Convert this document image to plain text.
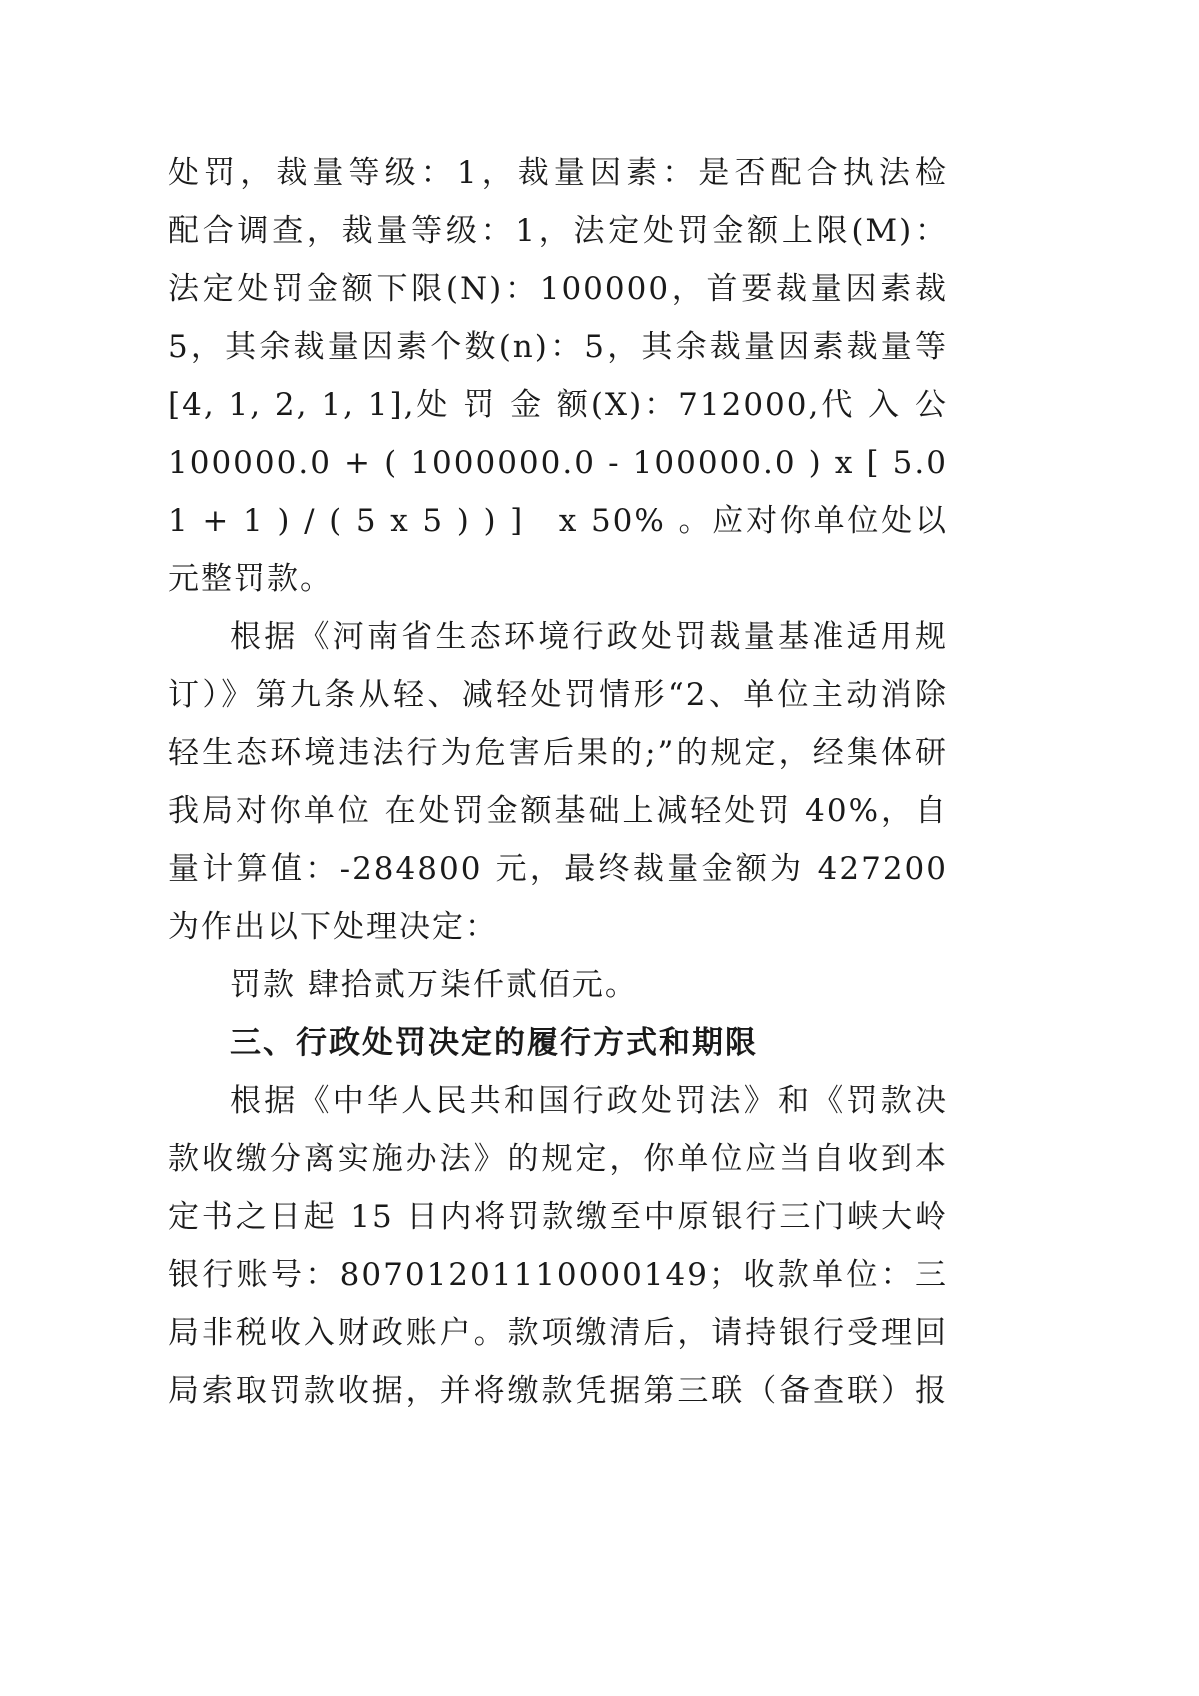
处罚，裁量等级：1，裁量因素：是否配合执法检
配合调查，裁量等级：1，法定处罚金额上限(M)：
法定处罚金额下限(N)：100000，首要裁量因素裁
5，其余裁量因素个数(n)：5，其余裁量因素裁量等
[4, 1, 2, 1, 1],处 罚 金 额(X)：712000,代 入 公
100000.0 + ( 1000000.0 - 100000.0 ) x [ 5.0
1 + 1 ) / ( 5 x 5 ) ) ]　x 50% 。应对你单位处以
元整罚款。
根据《河南省生态环境行政处罚裁量基准适用规
订）》第九条从轻、减轻处罚情形“2、单位主动消除
轻生态环境违法行为危害后果的;”的规定，经集体研
我局对你单位 在处罚金额基础上减轻处罚 40%，自
量计算值：-284800 元，最终裁量金额为 427200
为作出以下处理决定：
罚款 肆拾贰万柒仟贰佰元。
三、行政处罚决定的履行方式和期限
根据《中华人民共和国行政处罚法》和《罚款决
款收缴分离实施办法》的规定，你单位应当自收到本
定书之日起 15 日内将罚款缴至中原银行三门峡大岭
银行账号：80701201110000149；收款单位：三
局非税收入财政账户。款项缴清后，请持银行受理回
局索取罚款收据，并将缴款凭据第三联（备查联）报
